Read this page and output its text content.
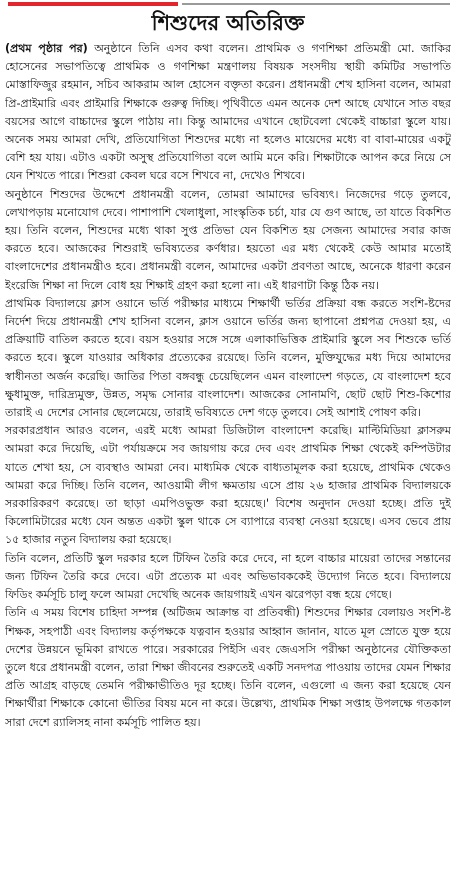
শিশুদের অতিরিক্ত

(প্রথম পৃষ্ঠার পর) অনুষ্ঠানে তিনি এসব কথা বলেন। প্রাথমিক ও গণশিক্ষা প্রতিমন্ত্রী মো. জাকির হোসেনের সভাপতিত্বে প্রাথমিক ও গণশিক্ষা মন্ত্রণালয় বিষয়ক সংসদীয় স্থায়ী কমিটির সভাপতি মোস্তাফিজুর রহমান, সচিব আকরাম আল হোসেন বক্তৃতা করেন। প্রধানমন্ত্রী শেখ হাসিনা বলেন, আমরা প্রি-প্রাইমারি এবং প্রাইমারি শিক্ষাকে গুরুত্ব দিচ্ছি। পৃথিবীতে এমন অনেক দেশ আছে যেখানে সাত বছর বয়সের আগে বাচ্চাদের স্কুলে পাঠায় না। কিন্তু আমাদের এখানে ছোটবেলা থেকেই বাচ্চারা স্কুলে যায়। অনেক সময় আমরা দেখি, প্রতিযোগিতা শিশুদের মধ্যে না হলেও মায়েদের মধ্যে বা বাবা-মায়ের একটু বেশি হয় যায়। এটাও একটা অসুস্থ প্রতিযোগিতা বলে আমি মনে করি। শিক্ষাটাকে আপন করে নিয়ে সে যেন শিখতে পারে। শিশুরা কেবল ঘরে বসে শিখবে না, দেখেও শিখবে।

অনুষ্ঠানে শিশুদের উদ্দেশে প্রধানমন্ত্রী বলেন, তোমরা আমাদের ভবিষ্যৎ। নিজেদের গড়ে তুলবে, লেখাপড়ায় মনোযোগ দেবে। পাশাপাশি খেলাধুলা, সাংস্কৃতিক চর্চা, যার যে গুণ আছে, তা যাতে বিকশিত হয়। তিনি বলেন, শিশুদের মধ্যে থাকা সুপ্ত প্রতিভা যেন বিকশিত হয় সেজন্য আমাদের সবার কাজ করতে হবে। আজকের শিশুরাই ভবিষ্যতের কর্ণধার। হয়তো এর মধ্য থেকেই কেউ আমার মতোই বাংলাদেশের প্রধানমন্ত্রীও হবে। প্রধানমন্ত্রী বলেন, আমাদের একটা প্রবণতা আছে, অনেকে ধারণা করেন ইংরেজি শিক্ষা না দিলে বোধ হয় শিক্ষাই গ্রহণ করা হলো না। এই ধারণাটা কিন্তু ঠিক নয়।

প্রাথমিক বিদ্যালয়ে ক্লাস ওয়ানে ভর্তি পরীক্ষার মাধ্যমে শিক্ষার্থী ভর্তির প্রক্রিয়া বন্ধ করতে সংশি-ষ্টদের নির্দেশ দিয়ে প্রধানমন্ত্রী শেখ হাসিনা বলেন, ক্লাস ওয়ানে ভর্তির জন্য ছাপানো প্রশ্নপত্র দেওয়া হয়, এ প্রক্রিয়াটি বাতিল করতে হবে। বয়স হওয়ার সঙ্গে সঙ্গে এলাকাভিত্তিক প্রাইমারি স্কুলে সব শিশুকে ভর্তি করতে হবে। স্কুলে যাওয়ার অধিকার প্রত্যেকের রয়েছে। তিনি বলেন, মুক্তিযুদ্ধের মধ্য দিয়ে আমাদের স্বাধীনতা অর্জন করেছি। জাতির পিতা বঙ্গবন্ধু চেয়েছিলেন এমন বাংলাদেশ গড়তে, যে বাংলাদেশ হবে ক্ষুধামুক্ত, দারিদ্র্যমুক্ত, উন্নত, সমৃদ্ধ সোনার বাংলাদেশ। আজকের সোনামণি, ছোট ছোট শিশু-কিশোর তারাই এ দেশের সোনার ছেলেমেয়ে, তারাই ভবিষ্যতে দেশ গড়ে তুলবে। সেই আশাই পোষণ করি।

সরকারপ্রধান আরও বলেন, এরই মধ্যে আমরা ডিজিটাল বাংলাদেশ করেছি। মাল্টিমিডিয়া ক্লাসরুম আমরা করে দিয়েছি, এটা পর্যায়ক্রমে সব জায়গায় করে দেব এবং প্রাথমিক শিক্ষা থেকেই কম্পিউটার যাতে শেখা হয়, সে ব্যবস্থাও আমরা নেব। মাধ্যমিক থেকে বাধ্যতামূলক করা হয়েছে, প্রাথমিক থেকেও আমরা করে দিচ্ছি। তিনি বলেন, আওয়ামী লীগ ক্ষমতায় এসে প্রায় ২৬ হাজার প্রাথমিক বিদ্যালয়কে সরকারিকরণ করেছে। তা ছাড়া এমপিওভুক্ত করা হয়েছে।' বিশেষ অনুদান দেওয়া হচ্ছে। প্রতি দুই কিলোমিটারের মধ্যে যেন অন্তত একটা স্কুল থাকে সে ব্যাপারে ব্যবস্থা নেওয়া হয়েছে। এসব ভেবে প্রায় ১৫ হাজার নতুন বিদ্যালয় করা হয়েছে।

তিনি বলেন, প্রতিটি স্কুল দরকার হলে টিফিন তৈরি করে দেবে, না হলে বাচ্চার মায়েরা তাদের সন্তানের জন্য টিফিন তৈরি করে দেবে। এটা প্রত্যেক মা এবং অভিভাবককেই উদ্যোগ নিতে হবে। বিদ্যালয়ে ফিডিং কর্মসূচি চালু ফলে আমরা দেখেছি অনেক জায়গায়ই এখন ঝরেপড়া বন্ধ হয়ে গেছে।

তিনি এ সময় বিশেষ চাহিদা সম্পন্ন (অটিজম আক্রান্ত বা প্রতিবন্ধী) শিশুদের শিক্ষার বেলায়ও সংশি-ষ্ট শিক্ষক, সহপাঠী এবং বিদ্যালয় কর্তৃপক্ষকে যত্নবান হওয়ার আহ্বান জানান, যাতে মূল স্রোতে যুক্ত হয়ে দেশের উন্নয়নে ভূমিকা রাখতে পারে। সরকারের পিইসি এবং জেএসসি পরীক্ষা অনুষ্ঠানের যৌক্তিকতা তুলে ধরে প্রধানমন্ত্রী বলেন, তারা শিক্ষা জীবনের শুরুতেই একটি সনদপত্র পাওয়ায় তাদের যেমন শিক্ষার প্রতি আগ্রহ বাড়ছে তেমনি পরীক্ষাভীতিও দূর হচ্ছে। তিনি বলেন, এগুলো এ জন্য করা হয়েছে যেন শিক্ষার্থীরা শিক্ষাকে কোনো ভীতির বিষয় মনে না করে। উল্লেখ্য, প্রাথমিক শিক্ষা সপ্তাহ উপলক্ষে গতকাল সারা দেশে র‌্যালিসহ নানা কর্মসূচি পালিত হয়।
